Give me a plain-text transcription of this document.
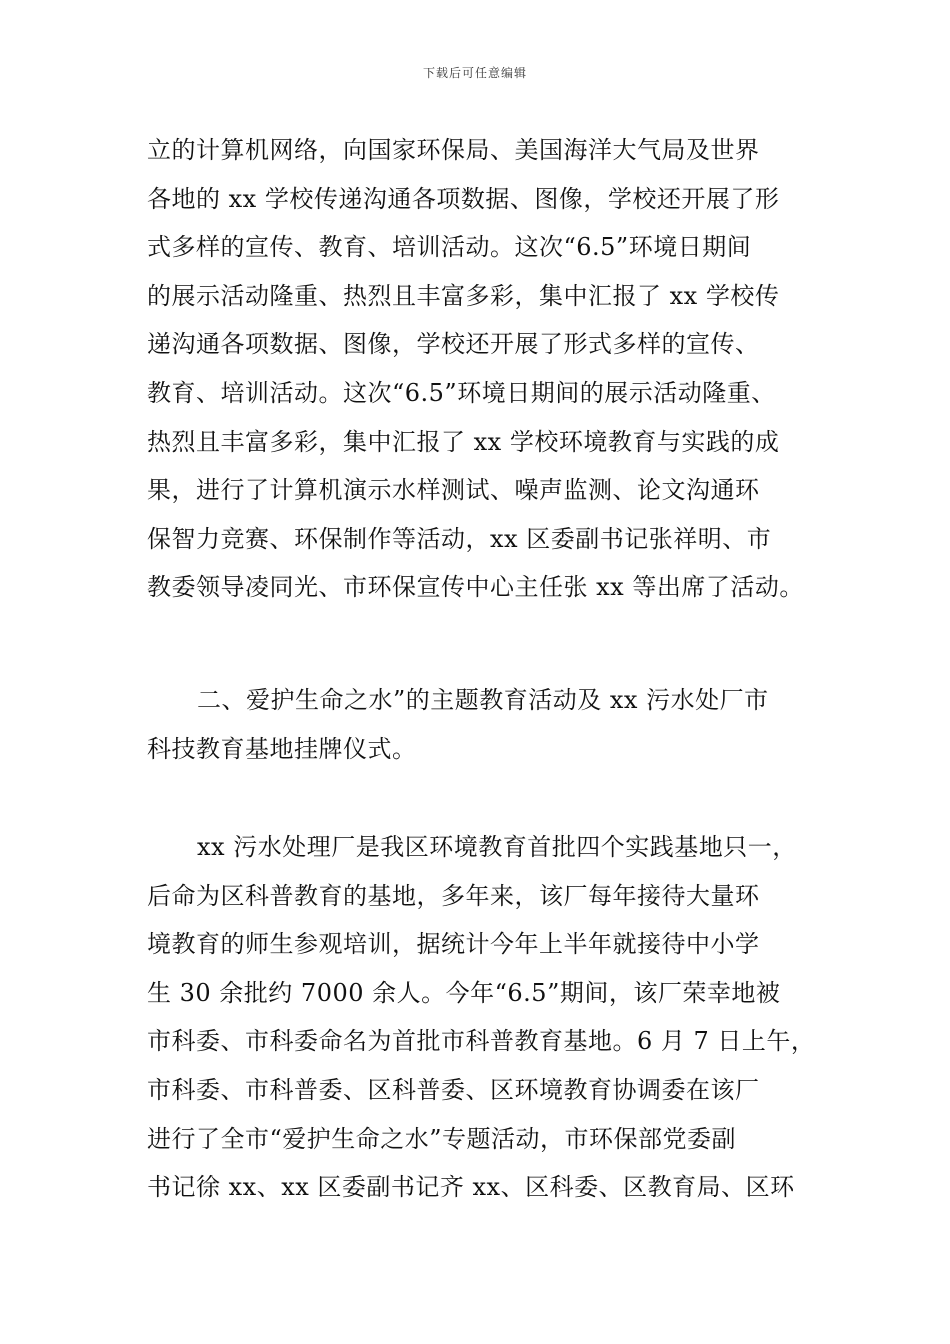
下载后可任意编辑
立的计算机网络，向国家环保局、美国海洋大气局及世界
各地的 xx 学校传递沟通各项数据、图像，学校还开展了形
式多样的宣传、教育、培训活动。这次“6.5”环境日期间
的展示活动隆重、热烈且丰富多彩，集中汇报了 xx 学校传
递沟通各项数据、图像，学校还开展了形式多样的宣传、
教育、培训活动。这次“6.5”环境日期间的展示活动隆重、
热烈且丰富多彩，集中汇报了 xx 学校环境教育与实践的成
果，进行了计算机演示水样测试、噪声监测、论文沟通环
保智力竞赛、环保制作等活动，xx 区委副书记张祥明、市
教委领导凌同光、市环保宣传中心主任张 xx 等出席了活动。
二、爱护生命之水”的主题教育活动及 xx 污水处厂市
科技教育基地挂牌仪式。
xx 污水处理厂是我区环境教育首批四个实践基地只一，
后命为区科普教育的基地，多年来，该厂每年接待大量环
境教育的师生参观培训，据统计今年上半年就接待中小学
生 30 余批约 7000 余人。今年“6.5”期间，该厂荣幸地被
市科委、市科委命名为首批市科普教育基地。6 月 7 日上午，
市科委、市科普委、区科普委、区环境教育协调委在该厂
进行了全市“爱护生命之水”专题活动，市环保部党委副
书记徐 xx、xx 区委副书记齐 xx、区科委、区教育局、区环
